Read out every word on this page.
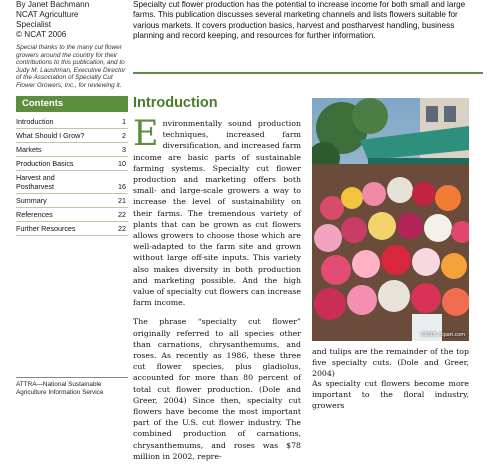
By Janet Bachmann
NCAT Agriculture
Specialist
© NCAT 2006
Special thanks to the many cut flower growers around the country for their contributions to this publication, and to Judy M. Laushman, Executive Director of the Association of Specialty Cut Flower Growers, Inc., for reviewing it.
Contents
Introduction	1
What Should I Grow?	2
Markets	3
Production Basics	10
Harvest and
Postharvest	16
Summary	21
References	22
Further Resources	22
ATTRA—National Sustainable Agriculture Information Service
Specialty cut flower production has the potential to increase income for both small and large farms. This publication discusses several marketing channels and lists flowers suitable for various markets. It covers production basics, harvest and postharvest handling, business planning and record keeping, and resources for further information.
Introduction

Environmentally sound production techniques, increased farm diversification, and increased farm income are basic parts of sustainable farming systems. Specialty cut flower production and marketing offers both small- and large-scale growers a way to increase the level of sustainability on their farms. The tremendous variety of plants that can be grown as cut flowers allows growers to choose those which are well-adapted to the farm site and grown without large off-site inputs. This variety also makes diversity in both production and marketing possible. And the high value of specialty cut flowers can increase farm income.

The phrase “specialty cut flower” originally referred to all species other than carnations, chrysanthemums, and roses. As recently as 1986, these three cut flower species, plus gladiolus, accounted for more than 80 percent of total cut flower production. (Dole and Greer, 2004) Since then, specialty cut flowers have become the most important part of the U.S. cut flower industry. The combined production of carnations, chrysanthemums, and roses was $78 million in 2002, repre-

©2005 clipart.com
and tulips are the remainder of the top five specialty cuts. (Dole and Greer, 2004)
As specialty cut flowers become more important to the floral industry, growers
